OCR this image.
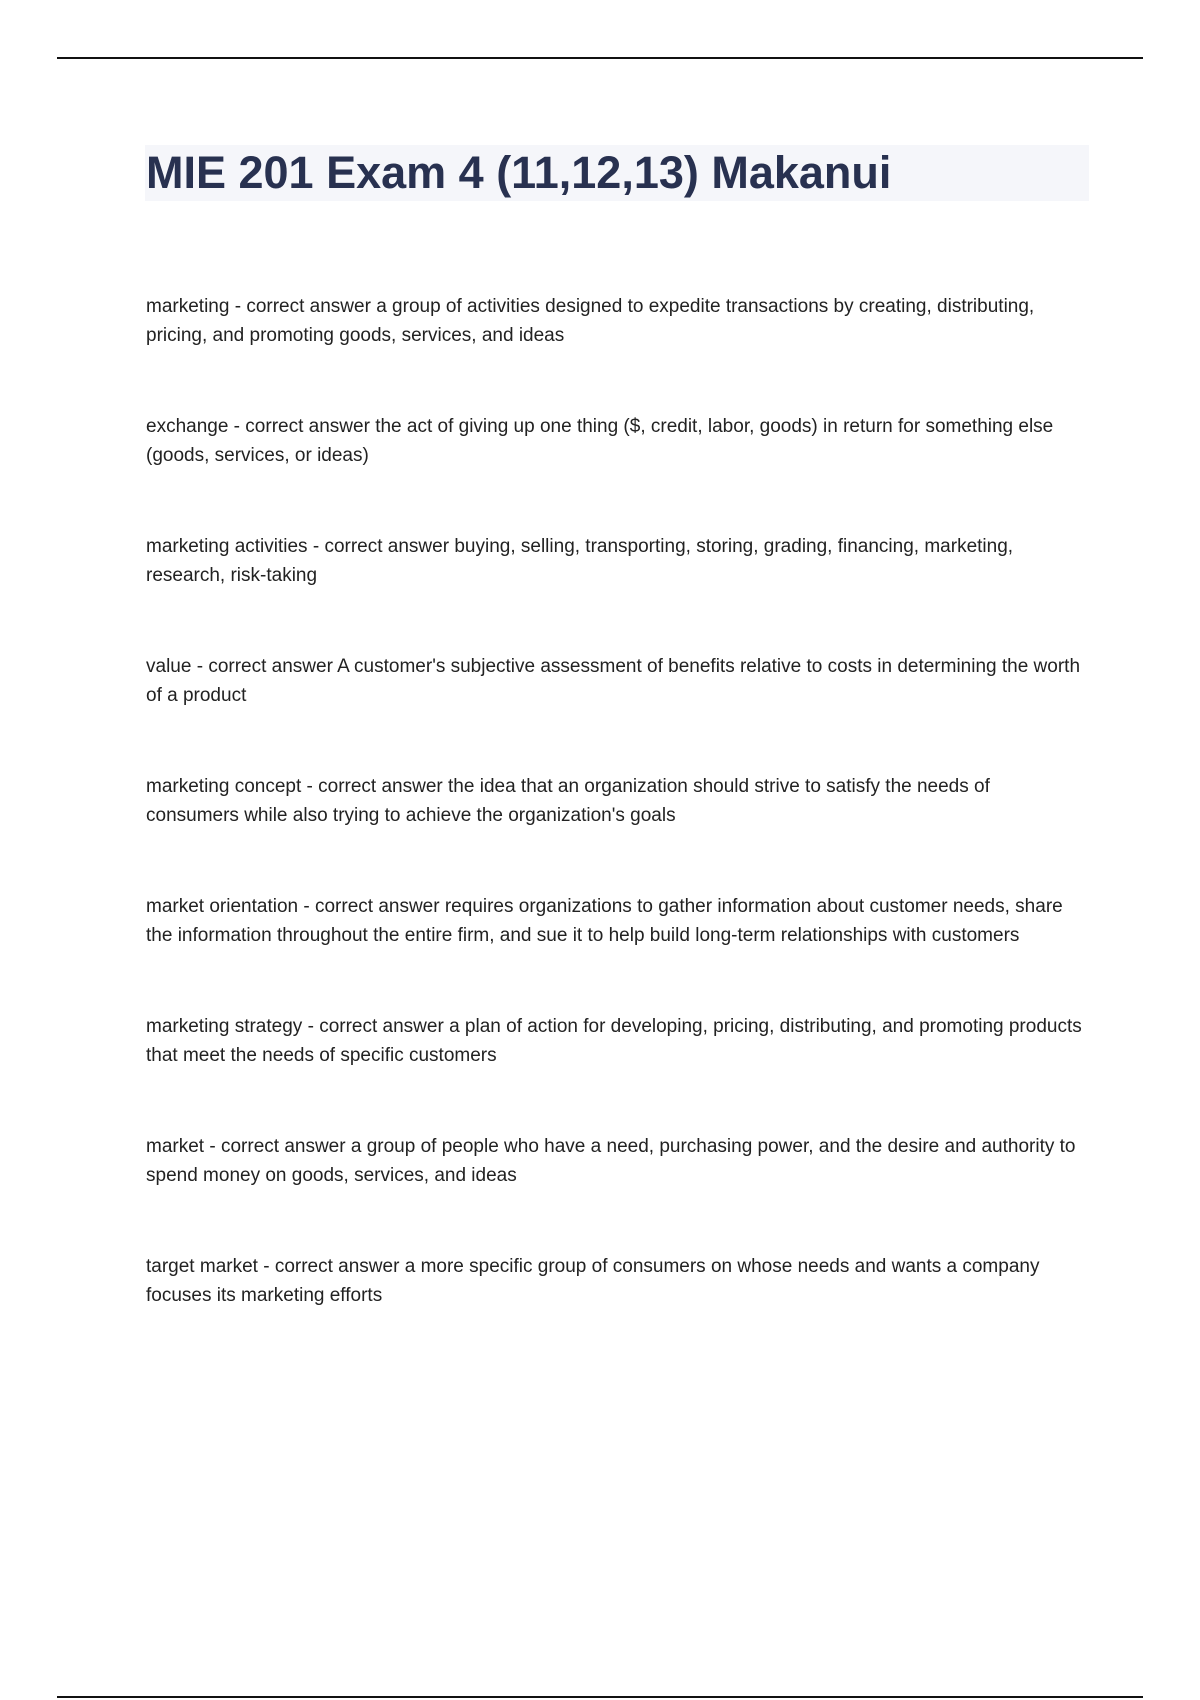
MIE 201 Exam 4 (11,12,13) Makanui
marketing - correct answer a group of activities designed to expedite transactions by creating, distributing, pricing, and promoting goods, services, and ideas
exchange - correct answer the act of giving up one thing ($, credit, labor, goods) in return for something else (goods, services, or ideas)
marketing activities - correct answer buying, selling, transporting, storing, grading, financing, marketing, research, risk-taking
value - correct answer A customer's subjective assessment of benefits relative to costs in determining the worth of a product
marketing concept - correct answer the idea that an organization should strive to satisfy the needs of consumers while also trying to achieve the organization's goals
market orientation - correct answer requires organizations to gather information about customer needs, share the information throughout the entire firm, and sue it to help build long-term relationships with customers
marketing strategy - correct answer a plan of action for developing, pricing, distributing, and promoting products that meet the needs of specific customers
market - correct answer a group of people who have a need, purchasing power, and the desire and authority to spend money on goods, services, and ideas
target market - correct answer a more specific group of consumers on whose needs and wants a company focuses its marketing efforts
